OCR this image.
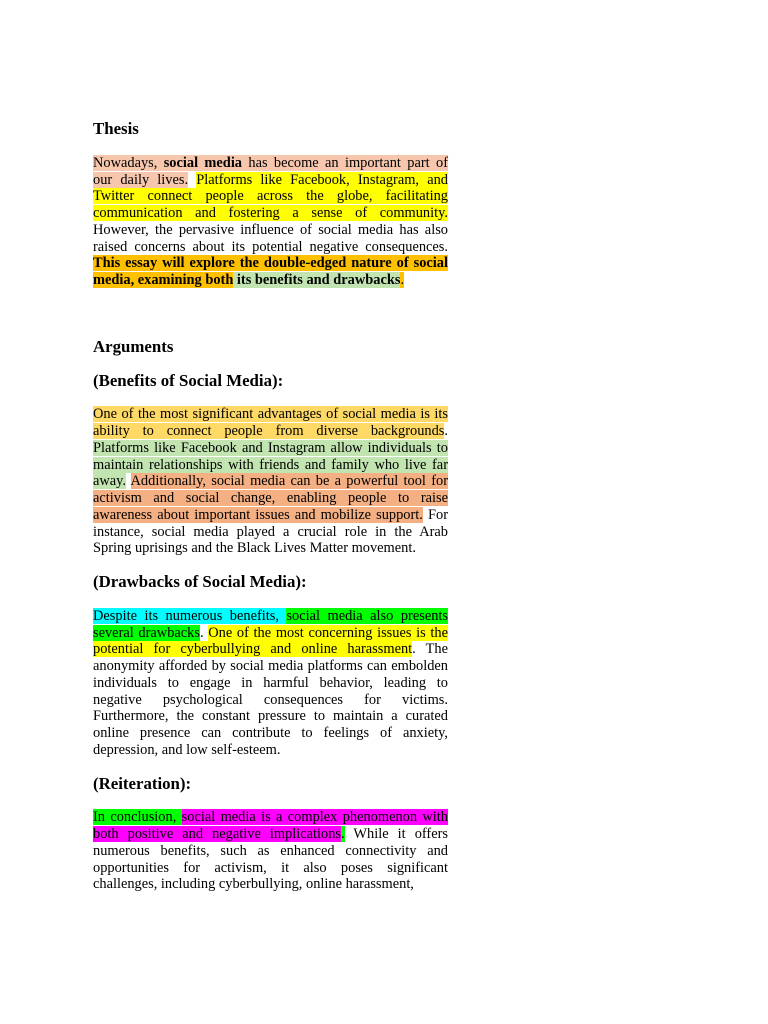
Thesis

Nowadays, social media has become an important part of our daily lives. Platforms like Facebook, Instagram, and Twitter connect people across the globe, facilitating communication and fostering a sense of community. However, the pervasive influence of social media has also raised concerns about its potential negative consequences. This essay will explore the double-edged nature of social media, examining both its benefits and drawbacks.

Arguments
(Benefits of Social Media):

One of the most significant advantages of social media is its ability to connect people from diverse backgrounds. Platforms like Facebook and Instagram allow individuals to maintain relationships with friends and family who live far away. Additionally, social media can be a powerful tool for activism and social change, enabling people to raise awareness about important issues and mobilize support. For instance, social media played a crucial role in the Arab Spring uprisings and the Black Lives Matter movement.

(Drawbacks of Social Media):

Despite its numerous benefits, social media also presents several drawbacks. One of the most concerning issues is the potential for cyberbullying and online harassment. The anonymity afforded by social media platforms can embolden individuals to engage in harmful behavior, leading to negative psychological consequences for victims. Furthermore, the constant pressure to maintain a curated online presence can contribute to feelings of anxiety, depression, and low self-esteem.

(Reiteration):

In conclusion, social media is a complex phenomenon with both positive and negative implications. While it offers numerous benefits, such as enhanced connectivity and opportunities for activism, it also poses significant challenges, including cyberbullying, online harassment,
